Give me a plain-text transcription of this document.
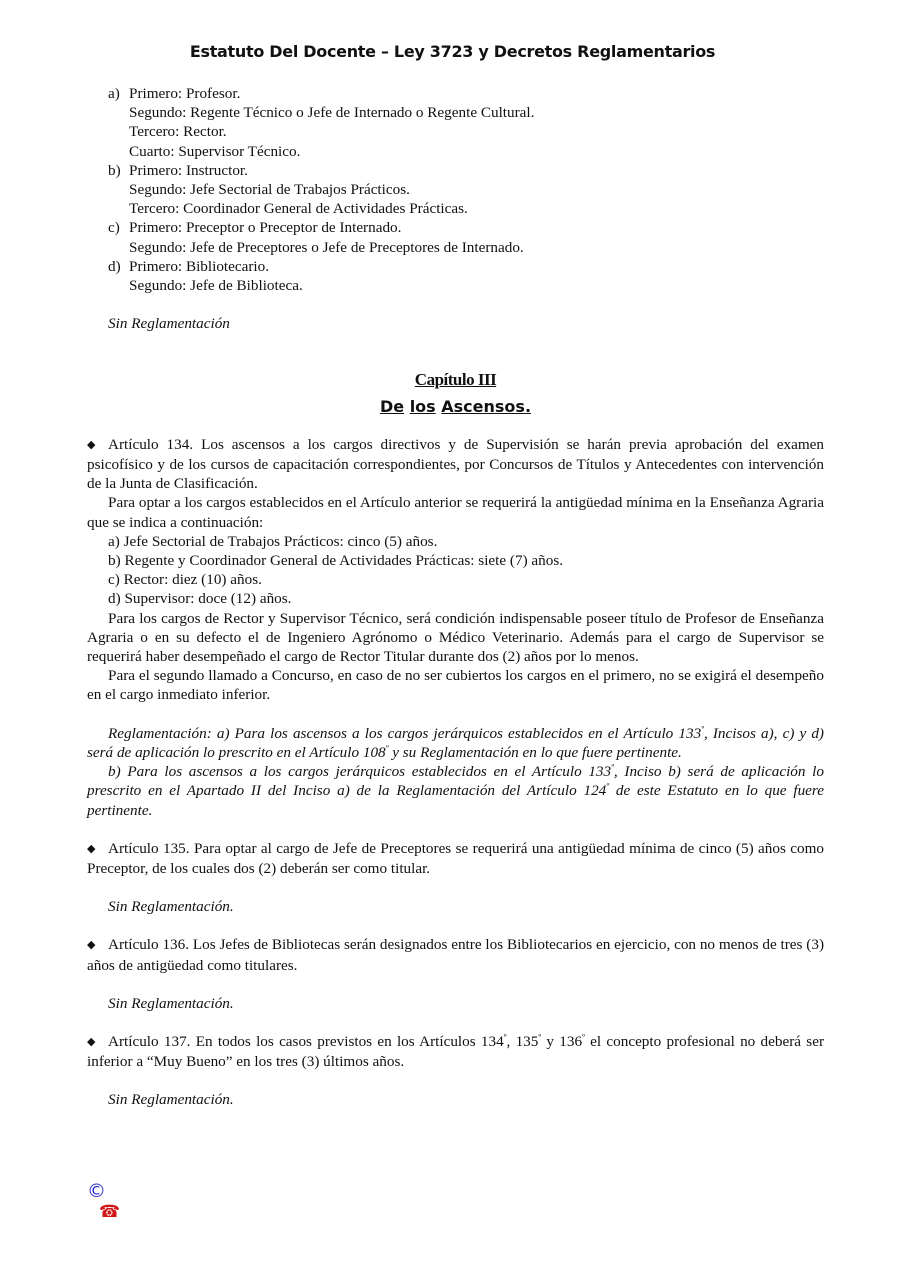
Estatuto Del Docente – Ley 3723 y Decretos Reglamentarios
a) Primero: Profesor.
Segundo: Regente Técnico o Jefe de Internado o Regente Cultural.
Tercero: Rector.
Cuarto: Supervisor Técnico.
b) Primero: Instructor.
Segundo: Jefe Sectorial de Trabajos Prácticos.
Tercero: Coordinador General de Actividades Prácticas.
c) Primero: Preceptor o Preceptor de Internado.
Segundo: Jefe de Preceptores o Jefe de Preceptores de Internado.
d) Primero: Bibliotecario.
Segundo: Jefe de Biblioteca.

Sin Reglamentación

Capítulo III
De los Ascensos.

◆ Artículo 134. Los ascensos a los cargos directivos y de Supervisión se harán previa aprobación del examen psicofísico y de los cursos de capacitación correspondientes, por Concursos de Títulos y Antecedentes con intervención de la Junta de Clasificación.

Para optar a los cargos establecidos en el Artículo anterior se requerirá la antigüedad mínima en la Enseñanza Agraria que se indica a continuación:

a) Jefe Sectorial de Trabajos Prácticos: cinco (5) años.

b) Regente y Coordinador General de Actividades Prácticas: siete (7) años.

c) Rector: diez (10) años.

d) Supervisor: doce (12) años.

Para los cargos de Rector y Supervisor Técnico, será condición indispensable poseer título de Profesor de Enseñanza Agraria o en su defecto el de Ingeniero Agrónomo o Médico Veterinario. Además para el cargo de Supervisor se requerirá haber desempeñado el cargo de Rector Titular durante dos (2) años por lo menos.

Para el segundo llamado a Concurso, en caso de no ser cubiertos los cargos en el primero, no se exigirá el desempeño en el cargo inmediato inferior.

Reglamentación: a) Para los ascensos a los cargos jerárquicos establecidos en el Artículo $133^º$, Incisos a), c) y d) será de aplicación lo prescrito en el Artículo $108^º$ y su Reglamentación en lo que fuere pertinente.

b) Para los ascensos a los cargos jerárquicos establecidos en el Artículo $133^º$, Inciso b) será de aplicación lo prescrito en el Apartado II del Inciso a) de la Reglamentación del Artículo $124^º$ de este Estatuto en lo que fuere pertinente.

◆ Artículo 135. Para optar al cargo de Jefe de Preceptores se requerirá una antigüedad mínima de cinco (5) años como Preceptor, de los cuales dos (2) deberán ser como titular.

Sin Reglamentación.

◆ Artículo 136. Los Jefes de Bibliotecas serán designados entre los Bibliotecarios en ejercicio, con no menos de tres (3) años de antigüedad como titulares.

Sin Reglamentación.

◆ Artículo 137. En todos los casos previstos en los Artículos $134^º$, $135^º$ y $136^º$ el concepto profesional no deberá ser inferior a “Muy Bueno” en los tres (3) últimos años.

Sin Reglamentación.

©
☎
